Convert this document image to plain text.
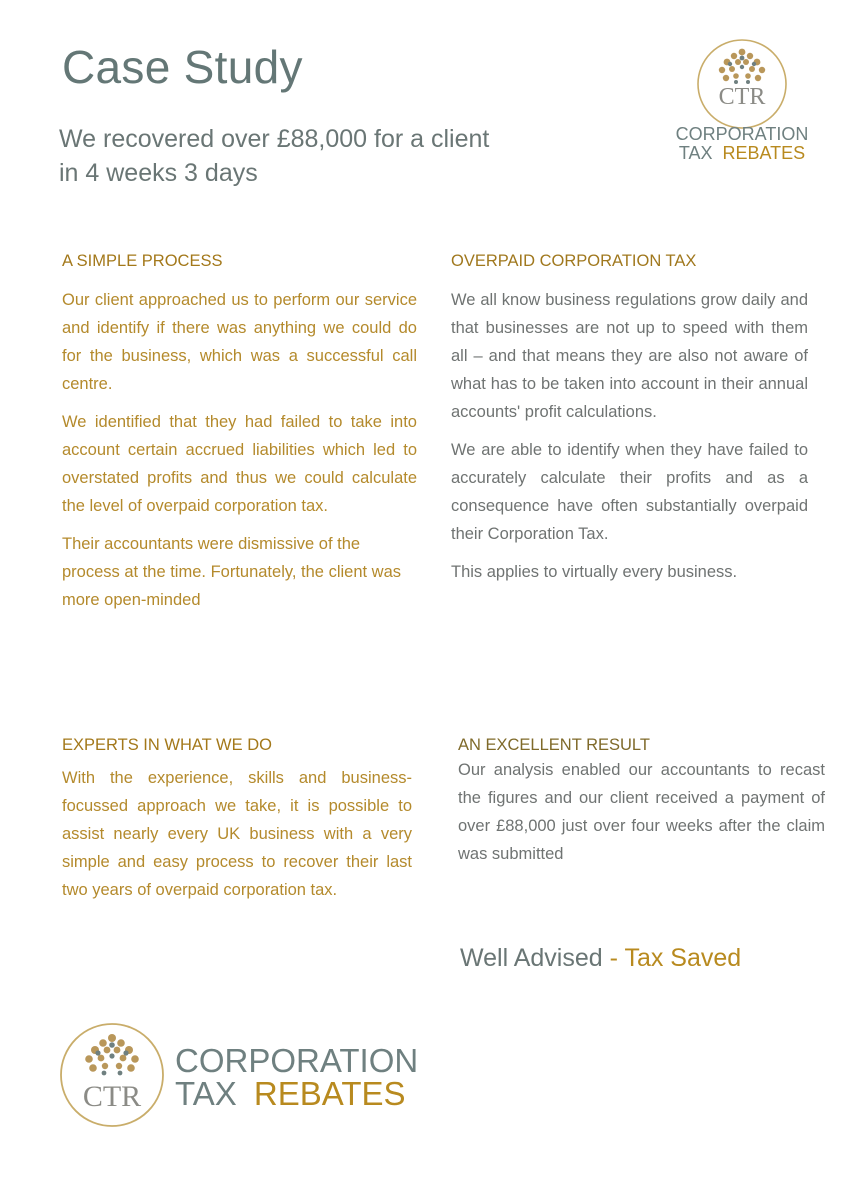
Case Study
We recovered over £88,000 for a client
in 4 weeks 3 days
CTR
CORPORATION
TAX REBATES
A SIMPLE PROCESS

Our client approached us to perform our service and identify if there was anything we could do for the business, which was a successful call centre.

We identified that they had failed to take into account certain accrued liabilities which led to overstated profits and thus we could calculate the level of overpaid corporation tax.

Their accountants were dismissive of the process at the time. Fortunately, the client was more open-minded

OVERPAID CORPORATION TAX

We all know business regulations grow daily and that businesses are not up to speed with them all – and that means they are also not aware of what has to be taken into account in their annual accounts' profit calculations.

We are able to identify when they have failed to accurately calculate their profits and as a consequence have often substantially overpaid their Corporation Tax.

This applies to virtually every business.

EXPERTS IN WHAT WE DO

With the experience, skills and business-focussed approach we take, it is possible to assist nearly every UK business with a very simple and easy process to recover their last two years of overpaid corporation tax.

AN EXCELLENT RESULT

Our analysis enabled our accountants to recast the figures and our client received a payment of over £88,000 just over four weeks after the claim was submitted

Well Advised - Tax Saved
CTR
CORPORATION
TAX REBATES
